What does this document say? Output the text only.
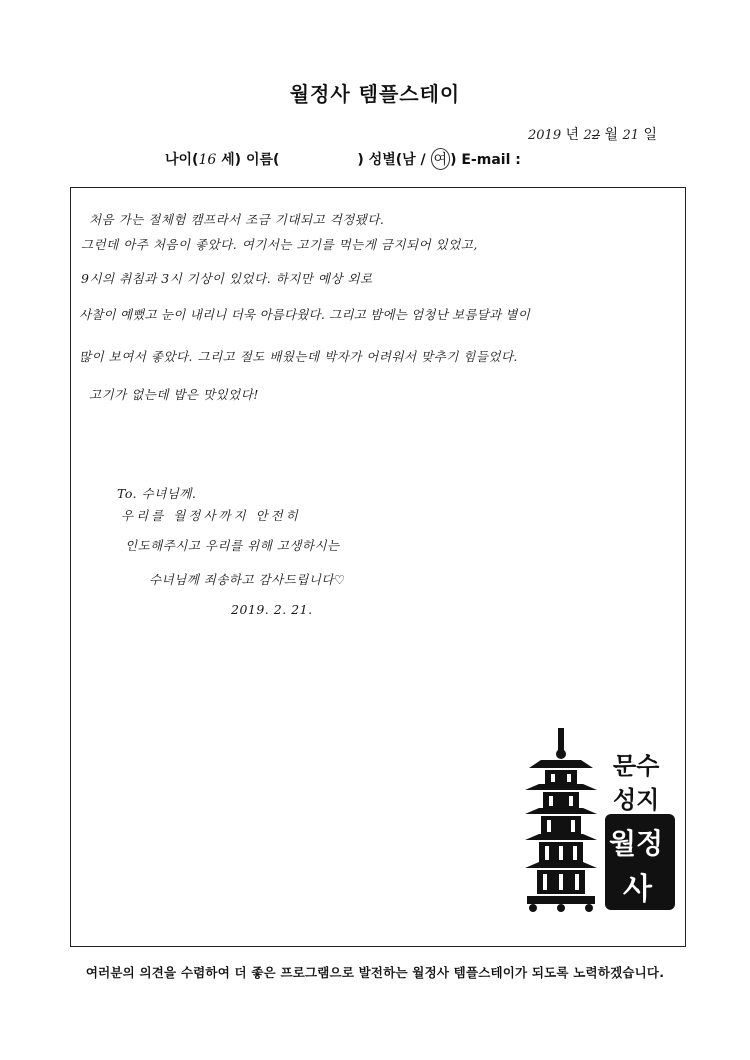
월정사 템플스테이
2019 년 22 월 21 일
나이(16 세) 이름(	) 성별(남 / 여 ) E-mail :
처음 가는 절체험 캠프라서 조금 기대되고 걱정됐다.
그런데 아주 처음이 좋았다. 여기서는 고기를 먹는게 금지되어 있었고,
9시의 취침과 3시 기상이 있었다. 하지만 예상 외로
사찰이 예뻤고 눈이 내리니 더욱 아름다웠다. 그리고 밤에는 엄청난 보름달과 별이
많이 보여서 좋았다. 그리고 절도 배웠는데 박자가 어려워서 맞추기 힘들었다.
고기가 없는데 밥은 맛있었다!
To. 수녀님께.
우리를 월정사까지 안전히
인도해주시고 우리를 위해 고생하시는
수녀님께 죄송하고 감사드립니다♡
2019. 2. 21.
문수
성지
월정
사
여러분의 의견을 수렴하여 더 좋은 프로그램으로 발전하는 월정사 템플스테이가 되도록 노력하겠습니다.
